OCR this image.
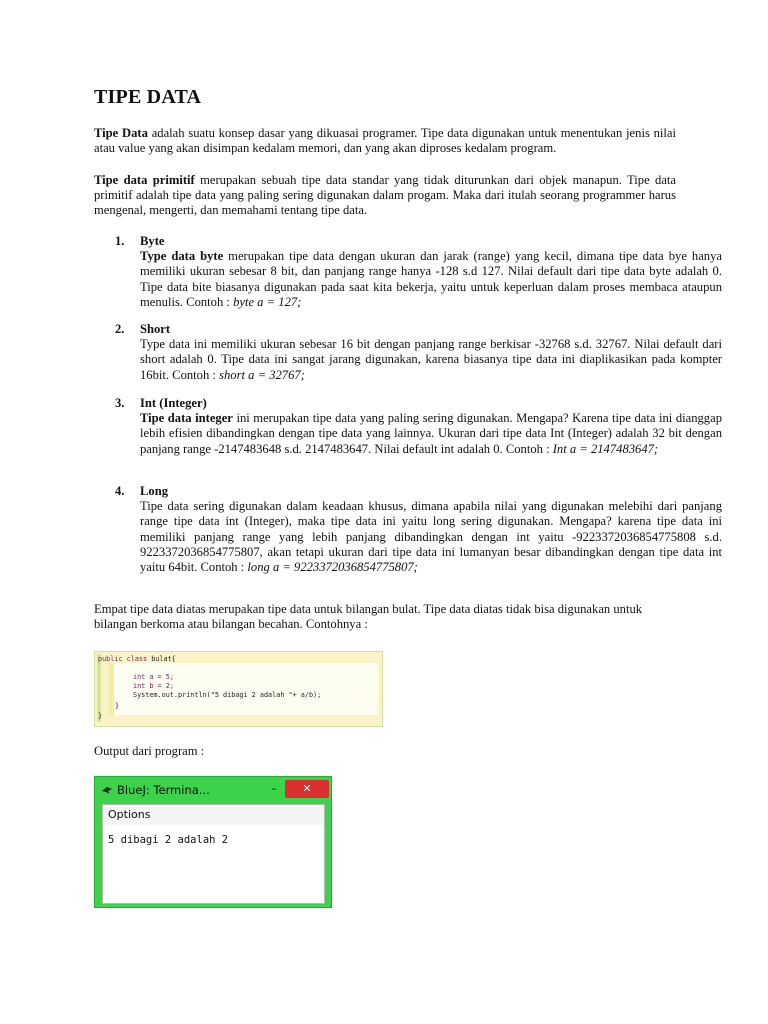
TIPE DATA

Tipe Data adalah suatu konsep dasar yang dikuasai programer. Tipe data digunakan untuk menentukan jenis nilai atau value yang akan disimpan kedalam memori, dan yang akan diproses kedalam program.

Tipe data primitif merupakan sebuah tipe data standar yang tidak diturunkan dari objek manapun. Tipe data primitif adalah tipe data yang paling sering digunakan dalam progam. Maka dari itulah seorang programmer harus mengenal, mengerti, dan memahami tentang tipe data.

1. Byte

Type data byte merupakan tipe data dengan ukuran dan jarak (range) yang kecil, dimana tipe data bye hanya memiliki ukuran sebesar 8 bit, dan panjang range hanya -128 s.d 127. Nilai default dari tipe data byte adalah 0. Tipe data bite biasanya digunakan pada saat kita bekerja, yaitu untuk keperluan dalam proses membaca ataupun menulis. Contoh : byte a = 127;

2. Short

Type data ini memiliki ukuran sebesar 16 bit dengan panjang range berkisar -32768 s.d. 32767. Nilai default dari short adalah 0. Tipe data ini sangat jarang digunakan, karena biasanya tipe data ini diaplikasikan pada kompter 16bit. Contoh : short a = 32767;

3. Int (Integer)

Tipe data integer ini merupakan tipe data yang paling sering digunakan. Mengapa? Karena tipe data ini dianggap lebih efisien dibandingkan dengan tipe data yang lainnya. Ukuran dari tipe data Int (Integer) adalah 32 bit dengan panjang range -2147483648 s.d. 2147483647. Nilai default int adalah 0. Contoh : Int a = 2147483647;

4. Long

Tipe data sering digunakan dalam keadaan khusus, dimana apabila nilai yang digunakan melebihi dari panjang range tipe data int (Integer), maka tipe data ini yaitu long sering digunakan. Mengapa? karena tipe data ini memiliki panjang range yang lebih panjang dibandingkan dengan int yaitu -9223372036854775808 s.d. 9223372036854775807, akan tetapi ukuran dari tipe data ini lumanyan besar dibandingkan dengan tipe data int yaitu 64bit. Contoh : long a = 9223372036854775807;

Empat tipe data diatas merupakan tipe data untuk bilangan bulat. Tipe data diatas tidak bisa digunakan untuk bilangan berkoma atau bilangan becahan. Contohnya :

Output dari program :

public class bulat{
int a = 5;
int b = 2;
System.out.println("5 dibagi 2 adalah "+ a/b);
}
}
BlueJ: Termina...	–	✕
Options
5 dibagi 2 adalah 2
